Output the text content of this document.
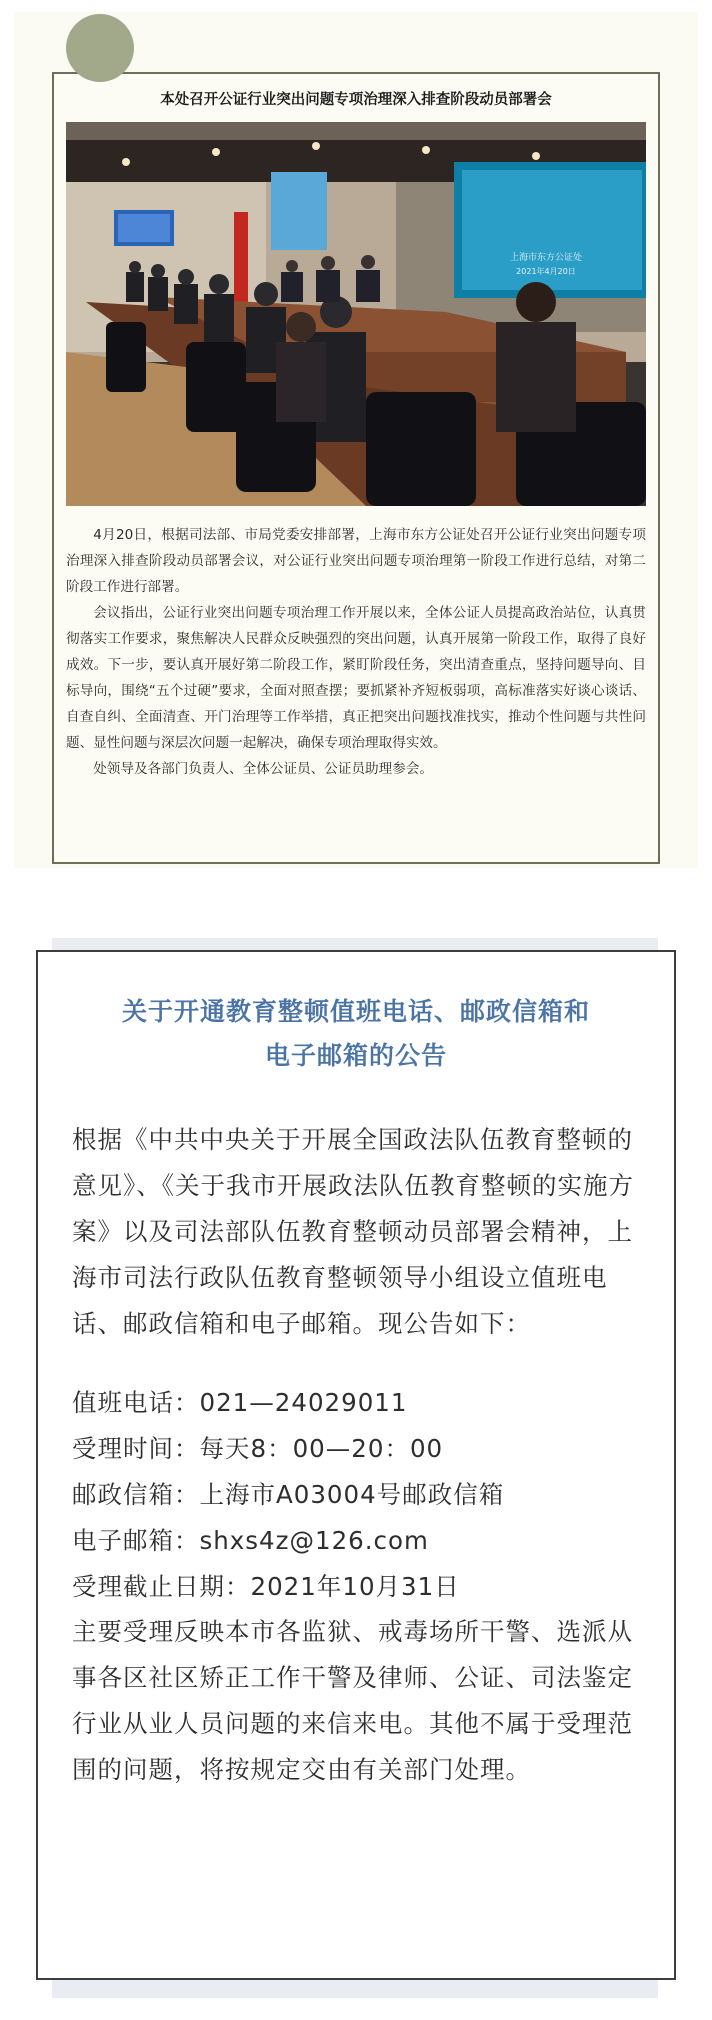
本处召开公证行业突出问题专项治理深入排查阶段动员部署会
上海市东方公证处
2021年4月20日

4月20日，根据司法部、市局党委安排部署，上海市东方公证处召开公证行业突出问题专项治理深入排查阶段动员部署会议，对公证行业突出问题专项治理第一阶段工作进行总结，对第二阶段工作进行部署。

会议指出，公证行业突出问题专项治理工作开展以来，全体公证人员提高政治站位，认真贯彻落实工作要求，聚焦解决人民群众反映强烈的突出问题，认真开展第一阶段工作，取得了良好成效。下一步，要认真开展好第二阶段工作，紧盯阶段任务，突出清查重点，坚持问题导向、目标导向，围绕“五个过硬”要求，全面对照查摆；要抓紧补齐短板弱项，高标准落实好谈心谈话、自查自纠、全面清查、开门治理等工作举措，真正把突出问题找准找实，推动个性问题与共性问题、显性问题与深层次问题一起解决，确保专项治理取得实效。

处领导及各部门负责人、全体公证员、公证员助理参会。

关于开通教育整顿值班电话、邮政信箱和
电子邮箱的公告

根据《中共中央关于开展全国政法队伍教育整顿的意见》、《关于我市开展政法队伍教育整顿的实施方案》以及司法部队伍教育整顿动员部署会精神，上海市司法行政队伍教育整顿领导小组设立值班电话、邮政信箱和电子邮箱。现公告如下：

值班电话：021—24029011
受理时间：每天8：00—20：00
邮政信箱：上海市A03004号邮政信箱
电子邮箱：shxs4z@126.com
受理截止日期：2021年10月31日

主要受理反映本市各监狱、戒毒场所干警、选派从事各区社区矫正工作干警及律师、公证、司法鉴定行业从业人员问题的来信来电。其他不属于受理范围的问题，将按规定交由有关部门处理。
